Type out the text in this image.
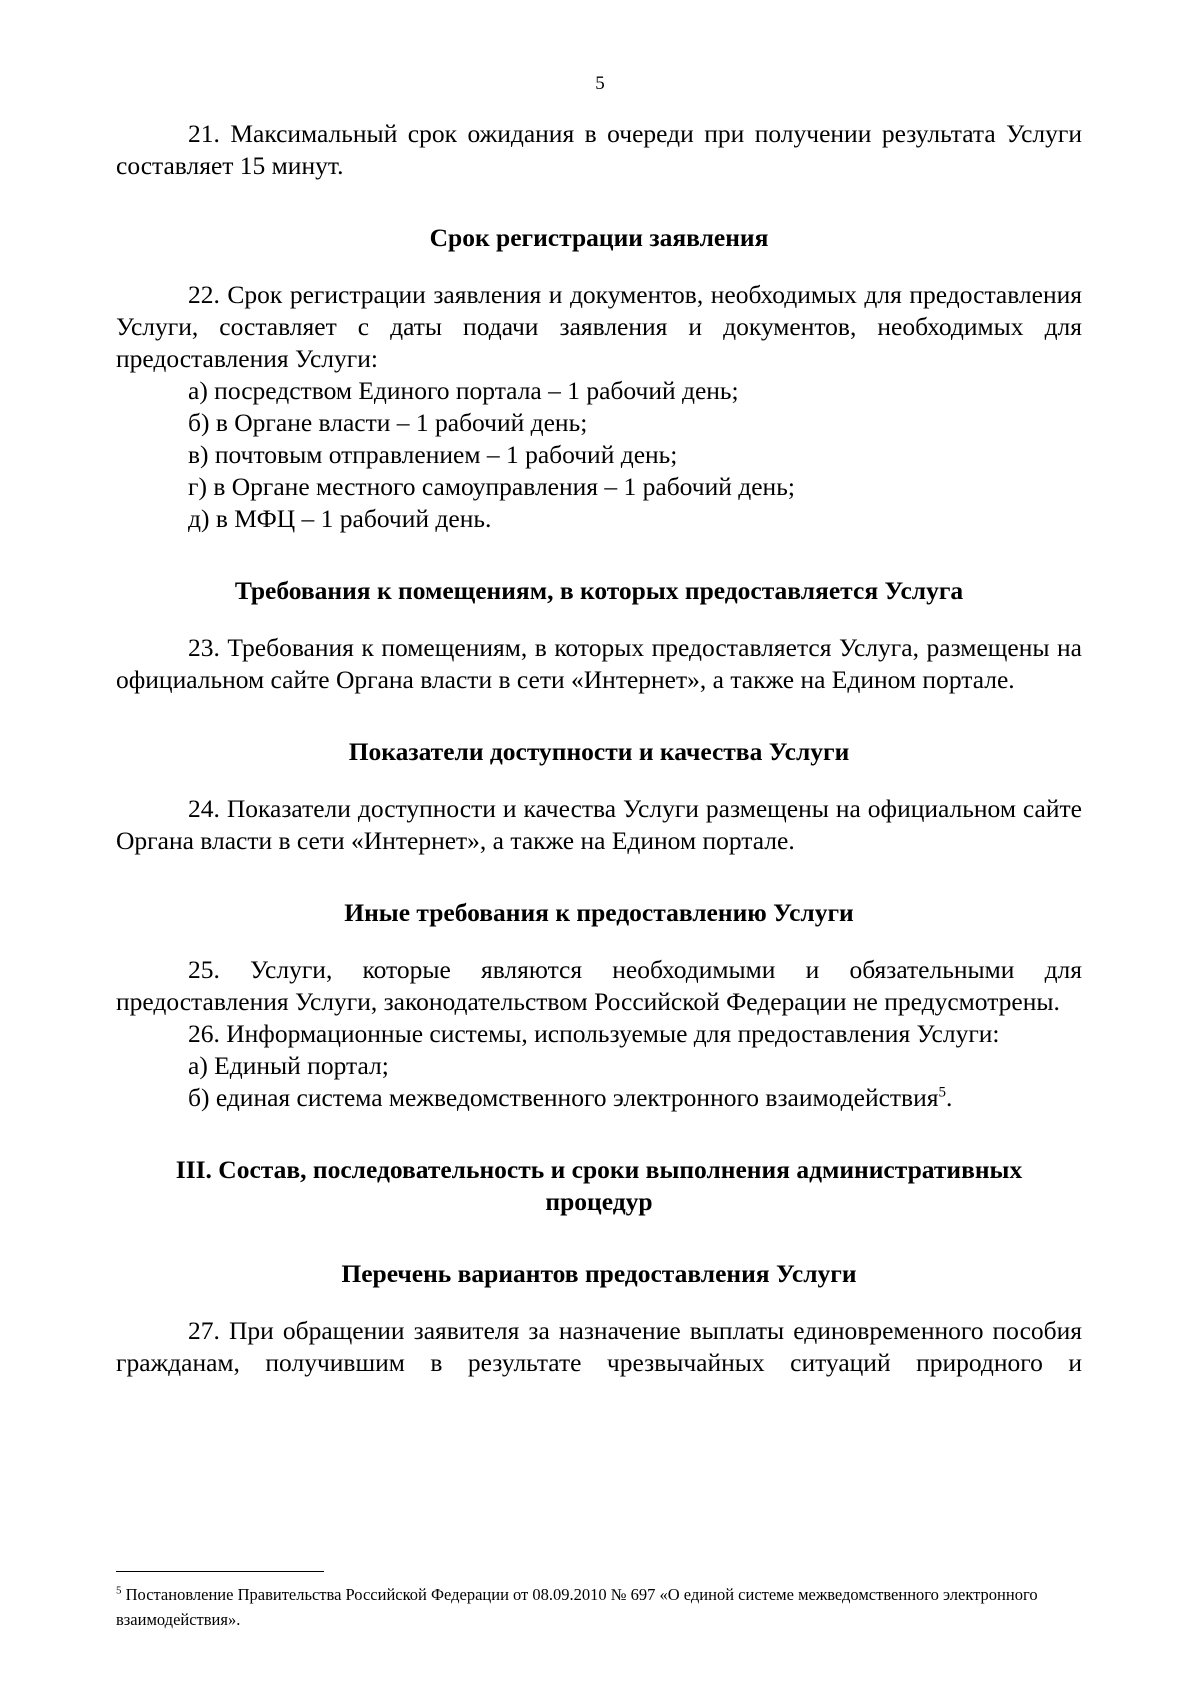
5

21. Максимальный срок ожидания в очереди при получении результата Услуги составляет 15 минут.

Срок регистрации заявления

22. Срок регистрации заявления и документов, необходимых для предоставления Услуги, составляет с даты подачи заявления и документов, необходимых для предоставления Услуги:

а) посредством Единого портала – 1 рабочий день;

б) в Органе власти – 1 рабочий день;

в) почтовым отправлением – 1 рабочий день;

г) в Органе местного самоуправления – 1 рабочий день;

д) в МФЦ – 1 рабочий день.

Требования к помещениям, в которых предоставляется Услуга

23. Требования к помещениям, в которых предоставляется Услуга, размещены на официальном сайте Органа власти в сети «Интернет», а также на Едином портале.

Показатели доступности и качества Услуги

24. Показатели доступности и качества Услуги размещены на официальном сайте Органа власти в сети «Интернет», а также на Едином портале.

Иные требования к предоставлению Услуги

25. Услуги, которые являются необходимыми и обязательными для предоставления Услуги, законодательством Российской Федерации не предусмотрены.

26. Информационные системы, используемые для предоставления Услуги:

а) Единый портал;

б) единая система межведомственного электронного взаимодействия$^5$.

III. Состав, последовательность и сроки выполнения административных

процедур

Перечень вариантов предоставления Услуги

27. При обращении заявителя за назначение выплаты единовременного пособия

гражданам, получившим в результате чрезвычайных ситуаций природного и

$^5$ Постановление Правительства Российской Федерации от 08.09.2010 № 697 «О единой системе межведомственного электронного взаимодействия».
